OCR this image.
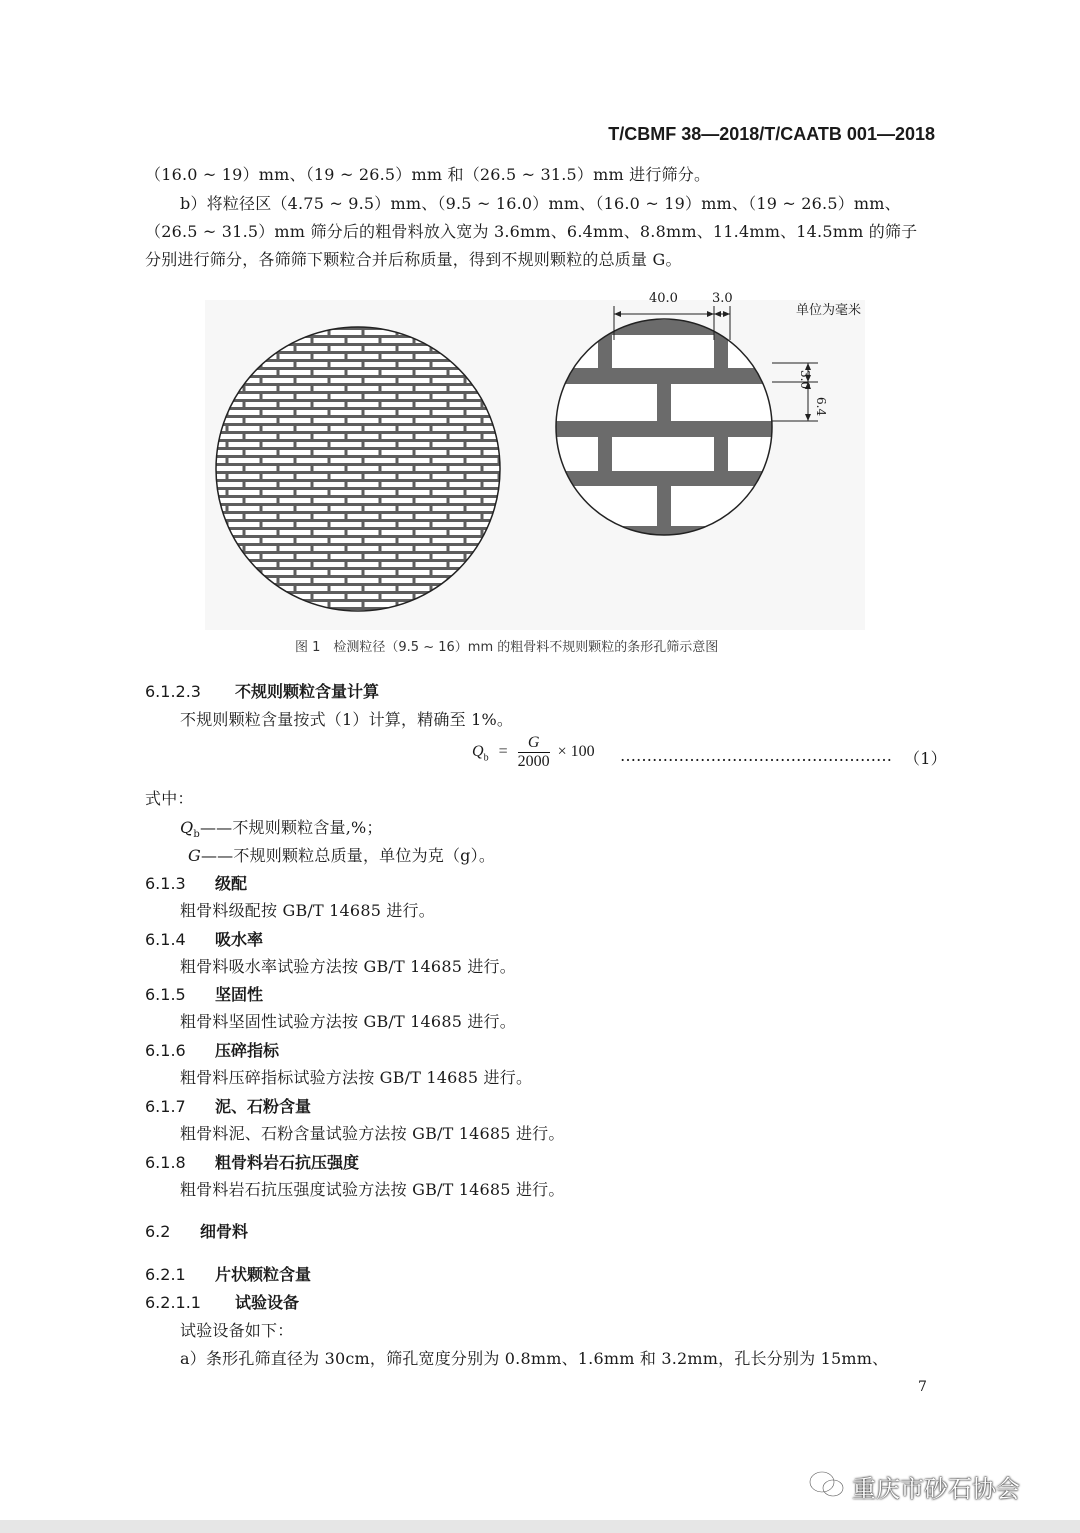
T/CBMF 38—2018/T/CAATB 001—2018
（16.0 ~ 19）mm、（19 ~ 26.5）mm 和（26.5 ~ 31.5）mm 进行筛分。
b）将粒径区（4.75 ~ 9.5）mm、（9.5 ~ 16.0）mm、（16.0 ~ 19）mm、（19 ~ 26.5）mm、
（26.5 ~ 31.5）mm 筛分后的粗骨料放入宽为 3.6mm、6.4mm、8.8mm、11.4mm、14.5mm 的筛子
分别进行筛分，各筛筛下颗粒合并后称质量，得到不规则颗粒的总质量 G。
40.0	3.0
3.0
6.4
单位为毫米
图 1　检测粒径（9.5 ~ 16）mm 的粗骨料不规则颗粒的条形孔筛示意图
6.1.2.3 不规则颗粒含量计算
不规则颗粒含量按式（1）计算，精确至 1%。
$Q_b = \frac{G}{2000} \times 100$ …………………………………………… （1）
式中：
$Q_b——$不规则颗粒含量,%；
G——不规则颗粒总质量，单位为克（g）。
6.1.3 级配
粗骨料级配按 GB/T 14685 进行。
6.1.4 吸水率
粗骨料吸水率试验方法按 GB/T 14685 进行。
6.1.5 坚固性
粗骨料坚固性试验方法按 GB/T 14685 进行。
6.1.6 压碎指标
粗骨料压碎指标试验方法按 GB/T 14685 进行。
6.1.7 泥、石粉含量
粗骨料泥、石粉含量试验方法按 GB/T 14685 进行。
6.1.8 粗骨料岩石抗压强度
粗骨料岩石抗压强度试验方法按 GB/T 14685 进行。
6.2 细骨料
6.2.1 片状颗粒含量
6.2.1.1 试验设备
试验设备如下：
a）条形孔筛直径为 30cm，筛孔宽度分别为 0.8mm、1.6mm 和 3.2mm，孔长分别为 15mm、
7
重庆市砂石协会
